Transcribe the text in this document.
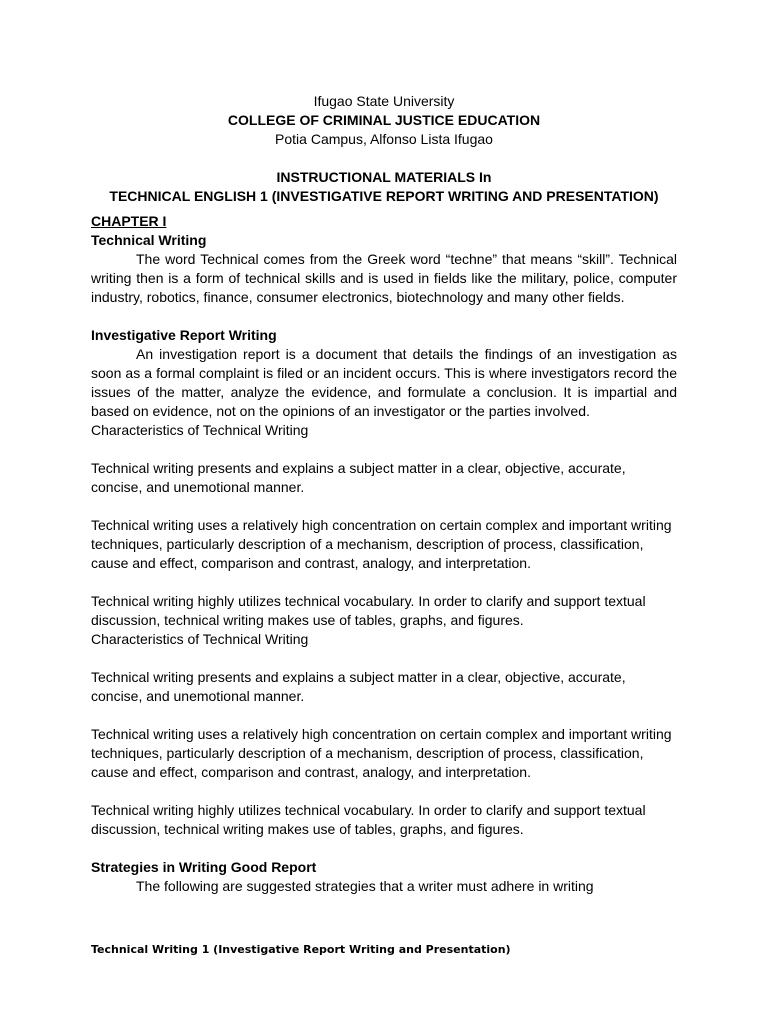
Ifugao State University
COLLEGE OF CRIMINAL JUSTICE EDUCATION
Potia Campus, Alfonso Lista Ifugao
INSTRUCTIONAL MATERIALS In
TECHNICAL ENGLISH 1 (INVESTIGATIVE REPORT WRITING AND PRESENTATION)
CHAPTER I
Technical Writing

The word Technical comes from the Greek word “techne” that means “skill”. Technical writing then is a form of technical skills and is used in fields like the military, police, computer industry, robotics, finance, consumer electronics, biotechnology and many other fields.

Investigative Report Writing

An investigation report is a document that details the findings of an investigation as soon as a formal complaint is filed or an incident occurs. This is where investigators record the issues of the matter, analyze the evidence, and formulate a conclusion. It is impartial and based on evidence, not on the opinions of an investigator or the parties involved.

Characteristics of Technical Writing

Technical writing presents and explains a subject matter in a clear, objective, accurate, concise, and unemotional manner.

Technical writing uses a relatively high concentration on certain complex and important writing techniques, particularly description of a mechanism, description of process, classification, cause and effect, comparison and contrast, analogy, and interpretation.

Technical writing highly utilizes technical vocabulary. In order to clarify and support textual discussion, technical writing makes use of tables, graphs, and figures.

Characteristics of Technical Writing

Technical writing presents and explains a subject matter in a clear, objective, accurate, concise, and unemotional manner.

Technical writing uses a relatively high concentration on certain complex and important writing techniques, particularly description of a mechanism, description of process, classification, cause and effect, comparison and contrast, analogy, and interpretation.

Technical writing highly utilizes technical vocabulary. In order to clarify and support textual discussion, technical writing makes use of tables, graphs, and figures.

Strategies in Writing Good Report

The following are suggested strategies that a writer must adhere in writing

Technical Writing 1 (Investigative Report Writing and Presentation)
